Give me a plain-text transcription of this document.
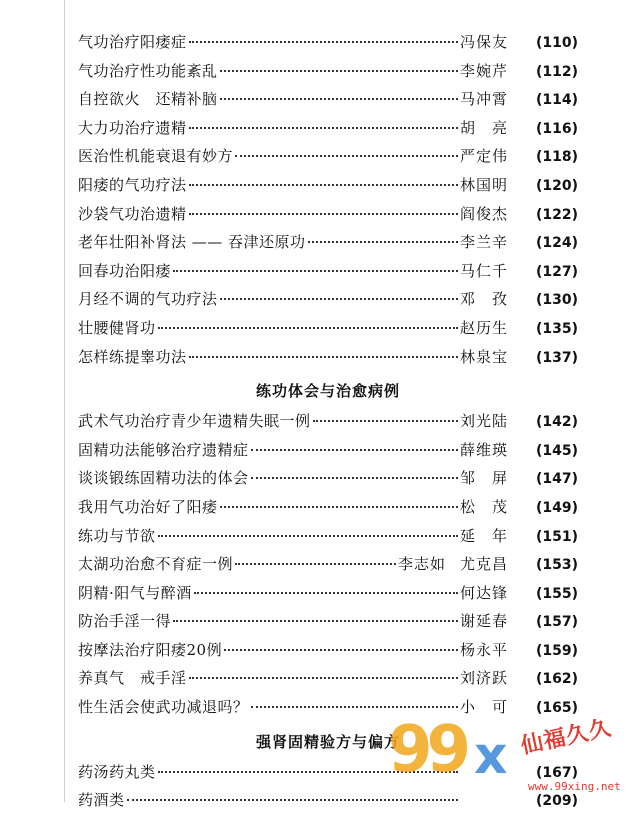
气功治疗阳痿症	冯保友	(110)
气功治疗性功能紊乱	李婉芹	(112)
自控欲火　还精补脑	马冲霄	(114)
大力功治疗遗精	胡　亮	(116)
医治性机能衰退有妙方	严定伟	(118)
阳痿的气功疗法	林国明	(120)
沙袋气功治遗精	阎俊杰	(122)
老年壮阳补肾法 —— 吞津还原功	李兰辛	(124)
回春功治阳痿	马仁千	(127)
月经不调的气功疗法	邓　孜	(130)
壮腰健肾功	赵历生	(135)
怎样练提睾功法	林泉宝	(137)
练功体会与治愈病例
武术气功治疗青少年遗精失眠一例	刘光陆	(142)
固精功法能够治疗遗精症	薛维瑛	(145)
谈谈锻练固精功法的体会	邹　屏	(147)
我用气功治好了阳痿	松　茂	(149)
练功与节欲	延　年	(151)
太湖功治愈不育症一例	李志如 尤克昌	(153)
阴精·阳气与醉酒	何达锋	(155)
防治手淫一得	谢延春	(157)
按摩法治疗阳痿20例	杨永平	(159)
养真气　戒手淫	刘济跃	(162)
性生活会使武功减退吗？	小　可	(165)
强肾固精验方与偏方
药汤药丸类	(167)
药酒类	(209)
99 x 仙福久久
www.99xing.net
